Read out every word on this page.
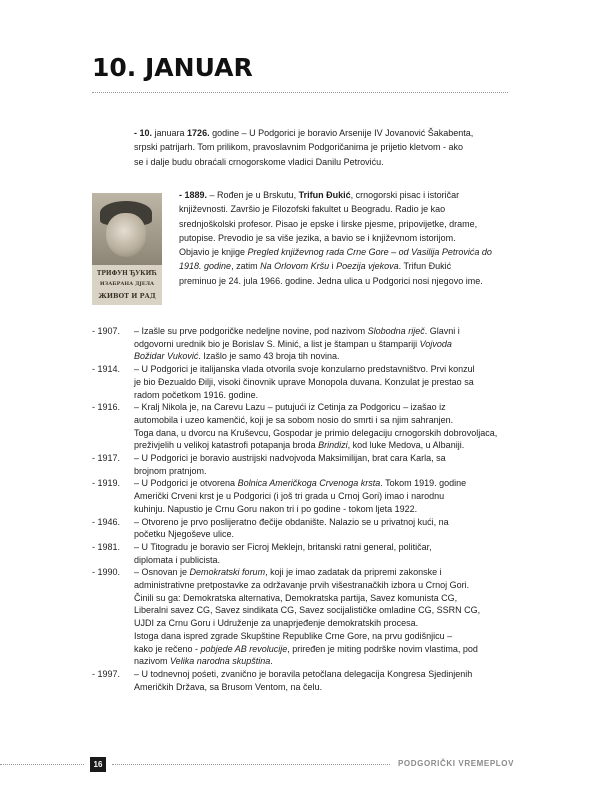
10. JANUAR
- 10. januara 1726. godine – U Podgorici je boravio Arsenije IV Jovanović Šakabenta,
srpski patrijarh. Tom prilikom, pravoslavnim Podgoričanima je prijetio kletvom - ako
se i dalje budu obraćali crnogorskome vladici Danilu Petroviću.
ТРИФУН ЂУКИЋ
ИЗАБРАНА ДЈЕЛА
ЖИВОТ И РАД
- 1889. – Rođen je u Brskutu, Trifun Đukić, crnogorski pisac i istoričar
književnosti. Završio je Filozofski fakultet u Beogradu. Radio je kao
srednjoškolski profesor. Pisao je epske i lirske pjesme, pripovijetke, drame,
putopise. Prevodio je sa više jezika, a bavio se i književnom istorijom.
Objavio je knjige Pregled književnog rada Crne Gore – od Vasilija Petrovića do
1918. godine, zatim Na Orlovom Kršu i Poezija vjekova. Trifun Đukić
preminuo je 24. jula 1966. godine. Jedna ulica u Podgorici nosi njegovo ime.
- 1907.	– Izašle su prve podgoričke nedeljne novine, pod nazivom Slobodna riječ. Glavni i
odgovorni urednik bio je Borislav S. Minić, a list je štampan u štampariji Vojvoda
Božidar Vuković. Izašlo je samo 43 broja tih novina.
- 1914.	– U Podgorici je italijanska vlada otvorila svoje konzularno predstavništvo. Prvi konzul
je bio Đezualdo Đilji, visoki činovnik uprave Monopola duvana. Konzulat je prestao sa
radom početkom 1916. godine.
- 1916.	– Kralj Nikola je, na Carevu Lazu – putujući iz Cetinja za Podgoricu – izašao iz
automobila i uzeo kamenčić, koji je sa sobom nosio do smrti i sa njim sahranjen.
Toga dana, u dvorcu na Kruševcu, Gospodar je primio delegaciju crnogorskih dobrovoljaca,
preživjelih u velikoj katastrofi potapanja broda Brindizi, kod luke Medova, u Albaniji.
- 1917.	– U Podgorici je boravio austrijski nadvojvoda Maksimilijan, brat cara Karla, sa
brojnom pratnjom.
- 1919.	– U Podgorici je otvorena Bolnica Američkoga Crvenoga krsta. Tokom 1919. godine
Američki Crveni krst je u Podgorici (i još tri grada u Crnoj Gori) imao i narodnu
kuhinju. Napustio je Crnu Goru nakon tri i po godine - tokom ljeta 1922.
- 1946.	– Otvoreno je prvo poslijeratno đečije obdanište. Nalazio se u privatnoj kući, na
početku Njegoševe ulice.
- 1981.	– U Titogradu je boravio ser Ficroj Meklejn, britanski ratni general, političar,
diplomata i publicista.
- 1990.	– Osnovan je Demokratski forum, koji je imao zadatak da pripremi zakonske i
administrativne pretpostavke za održavanje prvih višestranačkih izbora u Crnoj Gori.
Činili su ga: Demokratska alternativa, Demokratska partija, Savez komunista CG,
Liberalni savez CG, Savez sindikata CG, Savez socijalističke omladine CG, SSRN CG,
UJDI za Crnu Goru i Udruženje za unaprjeđenje demokratskih procesa.
Istoga dana ispred zgrade Skupštine Republike Crne Gore, na prvu godišnjicu –
kako je rečeno - pobjede AB revolucije, priređen je miting podrške novim vlastima, pod
nazivom Velika narodna skupština.
- 1997.	– U todnevnoj pośeti, zvanično je boravila petočlana delegacija Kongresa Sjedinjenih
Američkih Država, sa Brusom Ventom, na čelu.
16	PODGORIČKI VREMEPLOV
